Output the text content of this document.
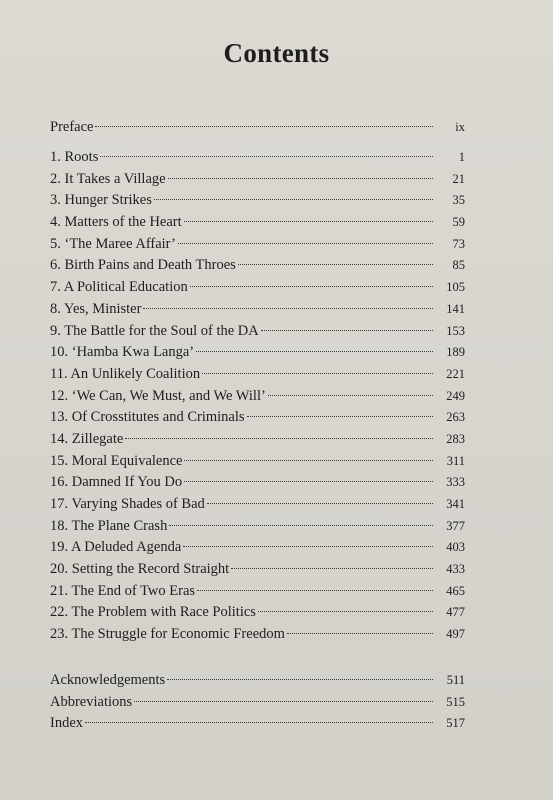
Contents
Preface	ix
1. Roots	1
2. It Takes a Village	21
3. Hunger Strikes	35
4. Matters of the Heart	59
5. ‘The Maree Affair’	73
6. Birth Pains and Death Throes	85
7. A Political Education	105
8. Yes, Minister	141
9. The Battle for the Soul of the DA	153
10. ‘Hamba Kwa Langa’	189
11. An Unlikely Coalition	221
12. ‘We Can, We Must, and We Will’	249
13. Of Crosstitutes and Criminals	263
14. Zillegate	283
15. Moral Equivalence	311
16. Damned If You Do	333
17. Varying Shades of Bad	341
18. The Plane Crash	377
19. A Deluded Agenda	403
20. Setting the Record Straight	433
21. The End of Two Eras	465
22. The Problem with Race Politics	477
23. The Struggle for Economic Freedom	497
Acknowledgements	511
Abbreviations	515
Index	517
